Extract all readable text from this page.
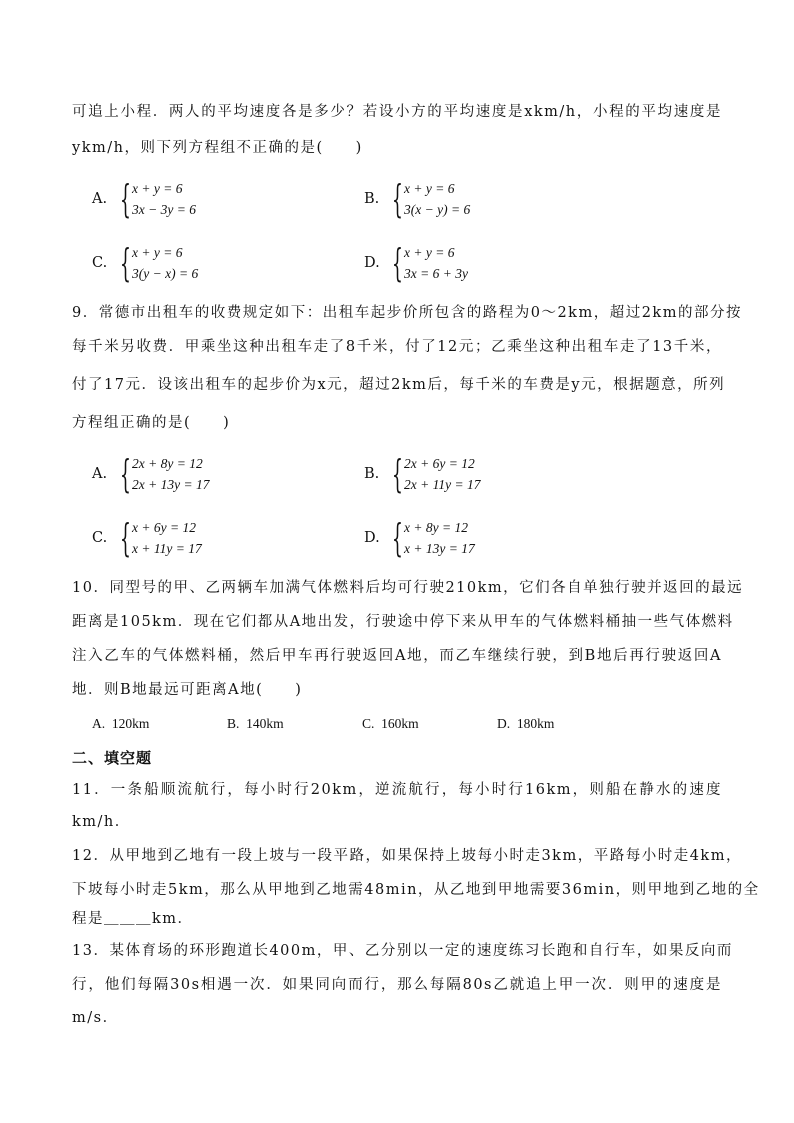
可追上小程．两人的平均速度各是多少？若设小方的平均速度是xkm/h，小程的平均速度是
ykm/h，则下列方程组不正确的是(　　)
A. { x + y = 6
3x − 3y = 6
B. { x + y = 6
3(x − y) = 6
C. { x + y = 6
3(y − x) = 6
D. { x + y = 6
3x = 6 + 3y
9．常德市出租车的收费规定如下：出租车起步价所包含的路程为0～2km，超过2km的部分按
每千米另收费．甲乘坐这种出租车走了8千米，付了12元；乙乘坐这种出租车走了13千米，
付了17元．设该出租车的起步价为x元，超过2km后，每千米的车费是y元，根据题意，所列
方程组正确的是(　　)
A. { 2x + 8y = 12
2x + 13y = 17
B. { 2x + 6y = 12
2x + 11y = 17
C. { x + 6y = 12
x + 11y = 17
D. { x + 8y = 12
x + 13y = 17
10．同型号的甲、乙两辆车加满气体燃料后均可行驶210km，它们各自单独行驶并返回的最远
距离是105km．现在它们都从A地出发，行驶途中停下来从甲车的气体燃料桶抽一些气体燃料
注入乙车的气体燃料桶，然后甲车再行驶返回A地，而乙车继续行驶，到B地后再行驶返回A
地．则B地最远可距离A地(　　)
A. 120km	B. 140km	C. 160km	D. 180km
二、填空题
11．一条船顺流航行，每小时行20km，逆流航行，每小时行16km，则船在静水的速度
km/h．
12．从甲地到乙地有一段上坡与一段平路，如果保持上坡每小时走3km，平路每小时走4km，
下坡每小时走5km，那么从甲地到乙地需48min，从乙地到甲地需要36min，则甲地到乙地的全
程是＿＿＿km．
13．某体育场的环形跑道长400m，甲、乙分别以一定的速度练习长跑和自行车，如果反向而
行，他们每隔30s相遇一次．如果同向而行，那么每隔80s乙就追上甲一次．则甲的速度是
m/s．
